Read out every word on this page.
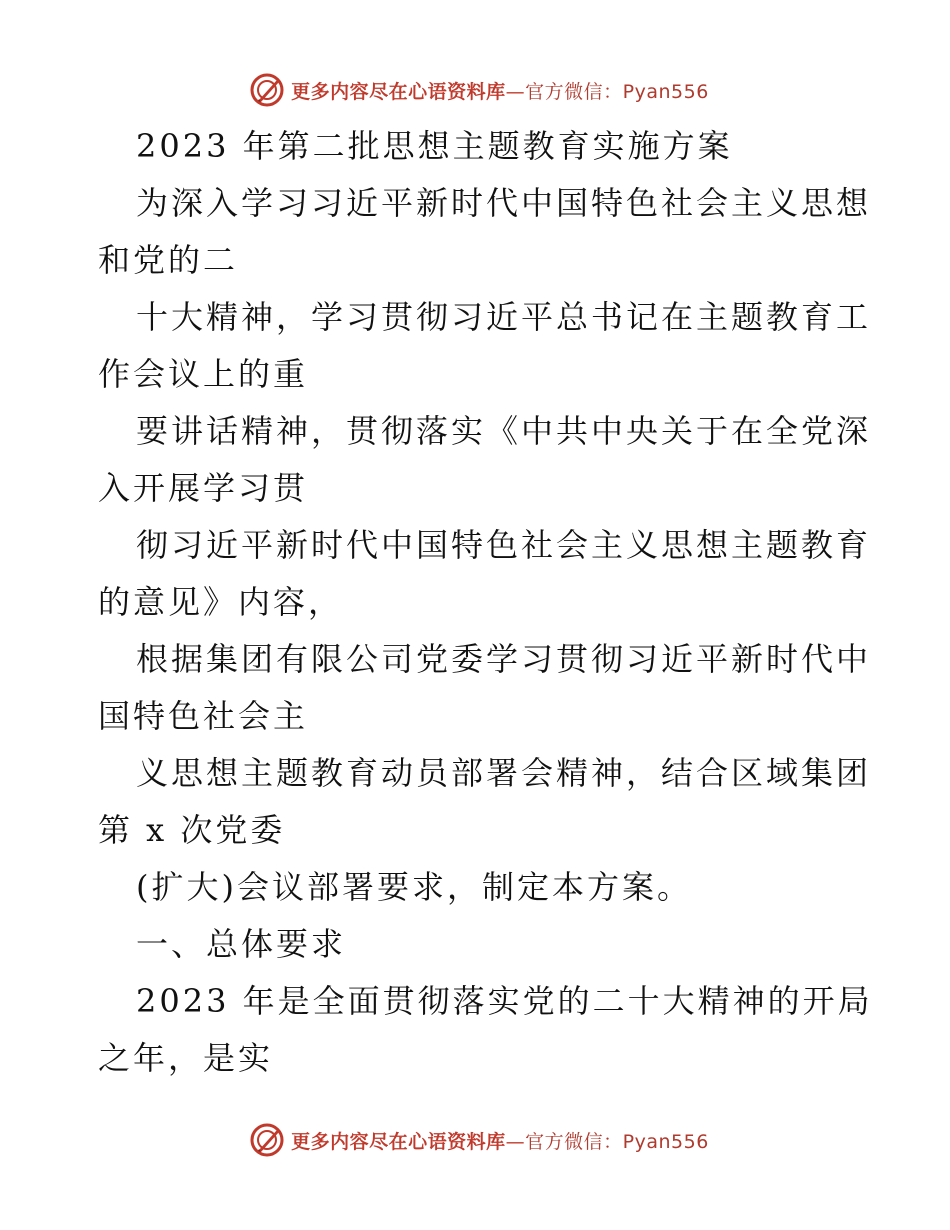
更多内容尽在心语资料库—官方微信：Pyan556
2023 年第二批思想主题教育实施方案
为深入学习习近平新时代中国特色社会主义思想
和党的二
十大精神，学习贯彻习近平总书记在主题教育工
作会议上的重
要讲话精神，贯彻落实《中共中央关于在全党深
入开展学习贯
彻习近平新时代中国特色社会主义思想主题教育
的意见》内容，
根据集团有限公司党委学习贯彻习近平新时代中
国特色社会主
义思想主题教育动员部署会精神，结合区域集团
第 x 次党委
(扩大)会议部署要求，制定本方案。
一、总体要求
2023 年是全面贯彻落实党的二十大精神的开局
之年，是实
更多内容尽在心语资料库—官方微信：Pyan556
